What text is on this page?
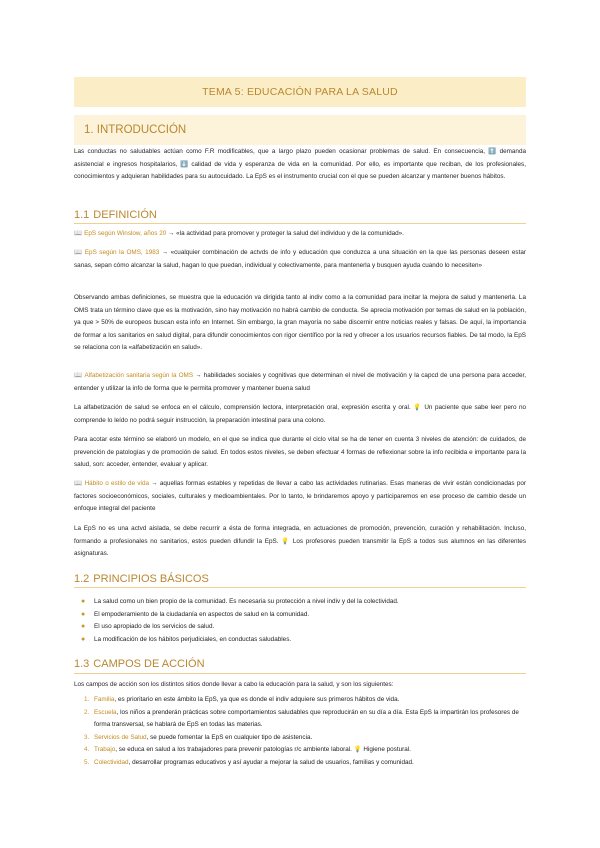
TEMA 5: EDUCACIÓN PARA LA SALUD
1. INTRODUCCIÓN

Las conductas no saludables actúan como F.R modificables, que a largo plazo pueden ocasionar problemas de salud. En consecuencia, ⬆️ demanda asistencial e ingresos hospitalarios, ⬇️ calidad de vida y esperanza de vida en la comunidad. Por ello, es importante que reciban, de los profesionales, conocimientos y adquieran habilidades para su autocuidado. La EpS es el instrumento crucial con el que se pueden alcanzar y mantener buenos hábitos.

1.1 DEFINICIÓN

📖 EpS según Winslow, años 20 → «la actividad para promover y proteger la salud del individuo y de la comunidad».

📖 EpS según la OMS, 1983 → «cualquier combinación de actvds de info y educación que conduzca a una situación en la que las personas deseen estar sanas, sepan cómo alcanzar la salud, hagan lo que puedan, individual y colectivamente, para mantenerla y busquen ayuda cuando lo necesiten»

Observando ambas definiciones, se muestra que la educación va dirigida tanto al indiv como a la comunidad para incitar la mejora de salud y mantenerla. La OMS trata un término clave que es la motivación, sino hay motivación no habrá cambio de conducta. Se aprecia motivación por temas de salud en la población, ya que > 50% de europeos buscan esta info en Internet. Sin embargo, la gran mayoría no sabe discernir entre noticias reales y falsas. De aquí, la importancia de formar a los sanitarios en salud digital, para difundir conocimientos con rigor científico por la red y ofrecer a los usuarios recursos fiables. De tal modo, la EpS se relaciona con la «alfabetización en salud».

📖 Alfabetización sanitaria según la OMS → habilidades sociales y cognitivas que determinan el nivel de motivación y la capcd de una persona para acceder, entender y utilizar la info de forma que le permita promover y mantener buena salud

La alfabetización de salud se enfoca en el cálculo, comprensión lectora, interpretación oral, expresión escrita y oral. 💡 Un paciente que sabe leer pero no comprende lo leído no podrá seguir instrucción, la preparación intestinal para una colono.

Para acotar este término se elaboró un modelo, en el que se indica que durante el ciclo vital se ha de tener en cuenta 3 niveles de atención: de cuidados, de prevención de patologías y de promoción de salud. En todos estos niveles, se deben efectuar 4 formas de reflexionar sobre la info recibida e importante para la salud, son: acceder, entender, evaluar y aplicar.

📖 Hábito o estilo de vida → aquellas formas estables y repetidas de llevar a cabo las actividades rutinarias. Esas maneras de vivir están condicionadas por factores socioeconómicos, sociales, culturales y medioambientales. Por lo tanto, le brindaremos apoyo y participaremos en ese proceso de cambio desde un enfoque integral del paciente

La EpS no es una actvd aislada, se debe recurrir a ésta de forma integrada, en actuaciones de promoción, prevención, curación y rehabilitación. Incluso, formando a profesionales no sanitarios, estos pueden difundir la EpS. 💡 Los profesores pueden transmitir la EpS a todos sus alumnos en las diferentes asignaturas.

1.2 PRINCIPIOS BÁSICOS
● La salud como un bien propio de la comunidad. Es necesaria su protección a nivel indiv y del la colectividad.
● El empoderamiento de la ciudadanía en aspectos de salud en la comunidad.
● El uso apropiado de los servicios de salud.
● La modificación de los hábitos perjudiciales, en conductas saludables.
1.3 CAMPOS DE ACCIÓN

Los campos de acción son los distintos sitios donde llevar a cabo la educación para la salud, y son los siguientes:

1. Familia, es prioritario en este ámbito la EpS, ya que es donde el indiv adquiere sus primeros hábitos de vida.
2. Escuela, los niños a prenderán prácticas sobre comportamientos saludables que reproducirán en su día a día. Esta EpS la impartirán los profesores de forma transversal, se hablará de EpS en todas las materias.
3. Servicios de Salud, se puede fomentar la EpS en cualquier tipo de asistencia.
4. Trabajo, se educa en salud a los trabajadores para prevenir patologías r/c ambiente laboral. 💡 Higiene postural.
5. Colectividad, desarrollar programas educativos y así ayudar a mejorar la salud de usuarios, familias y comunidad.
